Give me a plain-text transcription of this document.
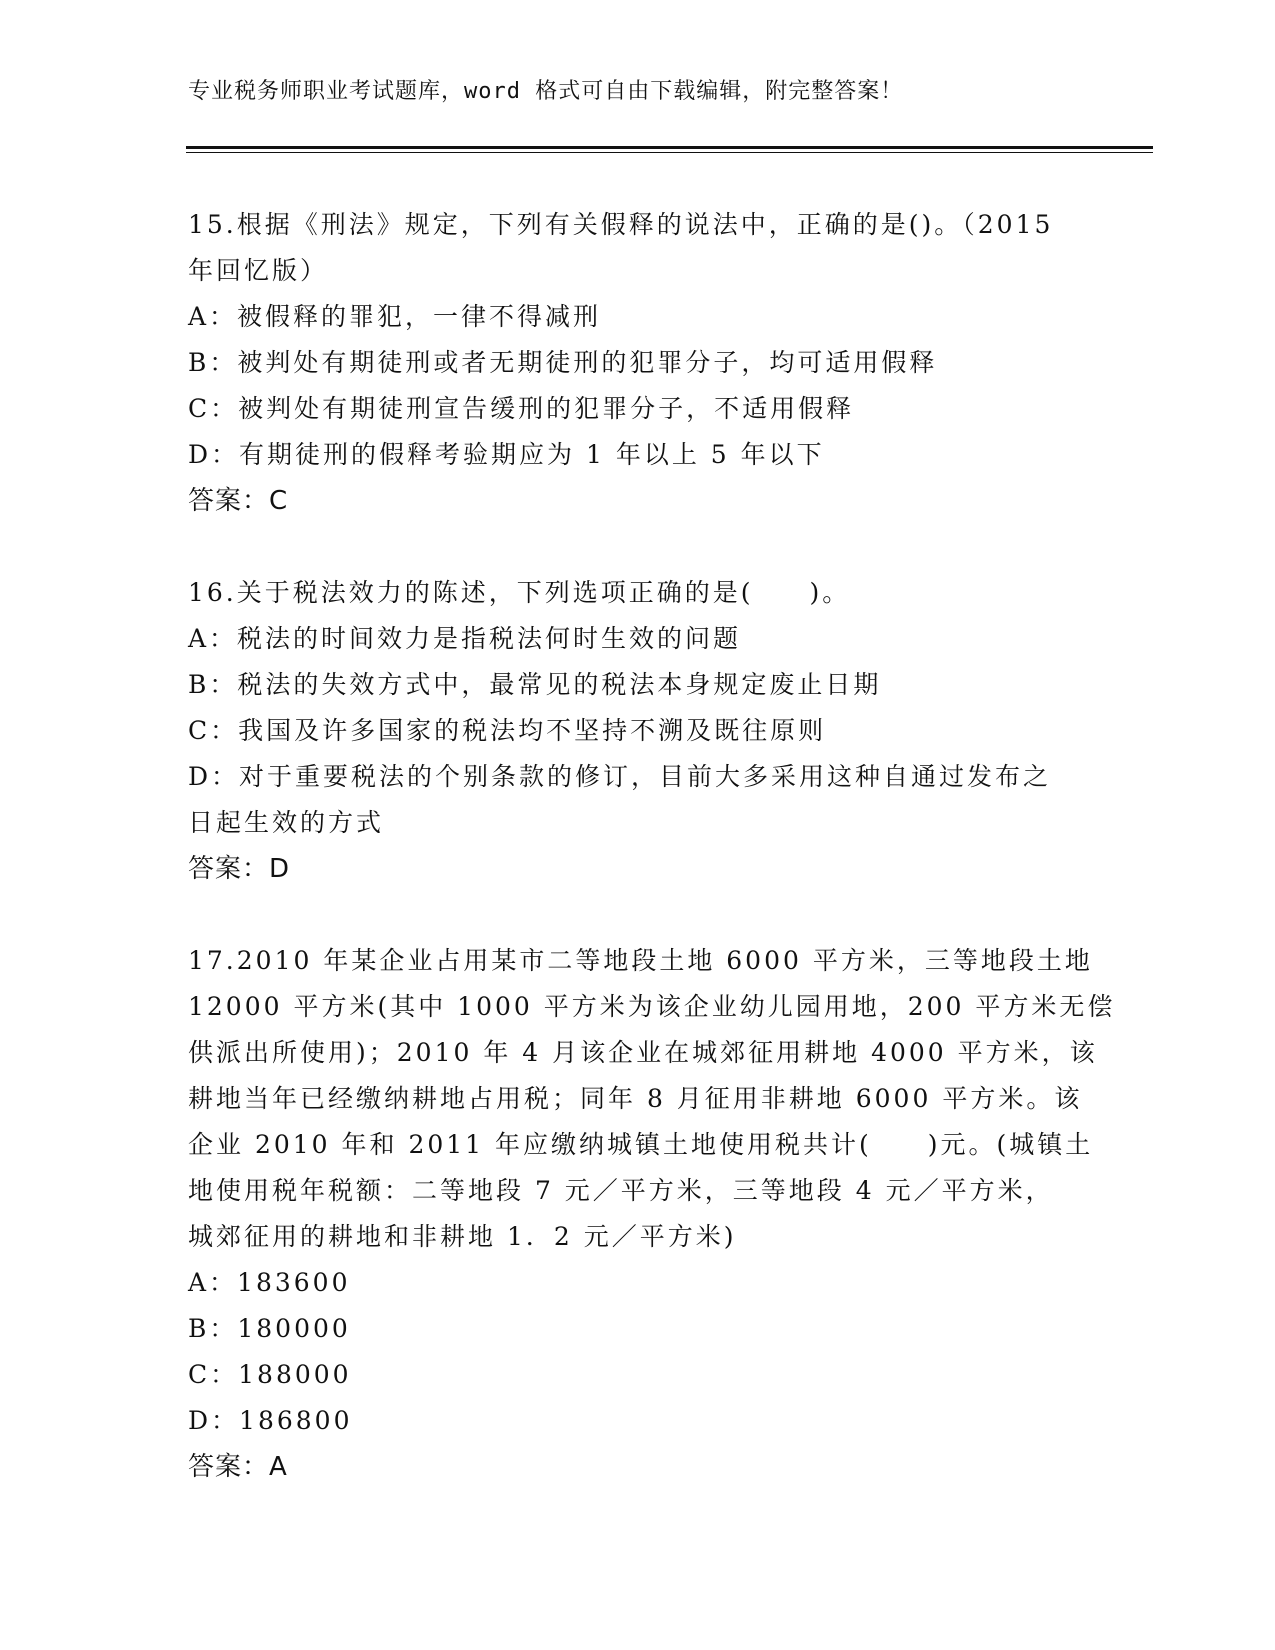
专业税务师职业考试题库，word 格式可自由下载编辑，附完整答案！
15.根据《刑法》规定，下列有关假释的说法中，正确的是()。（2015
年回忆版）
A：被假释的罪犯，一律不得减刑
B：被判处有期徒刑或者无期徒刑的犯罪分子，均可适用假释
C：被判处有期徒刑宣告缓刑的犯罪分子，不适用假释
D：有期徒刑的假释考验期应为 1 年以上 5 年以下
答案：C
16.关于税法效力的陈述，下列选项正确的是(　　)。
A：税法的时间效力是指税法何时生效的问题
B：税法的失效方式中，最常见的税法本身规定废止日期
C：我国及许多国家的税法均不坚持不溯及既往原则
D：对于重要税法的个别条款的修订，目前大多采用这种自通过发布之
日起生效的方式
答案：D
17.2010 年某企业占用某市二等地段土地 6000 平方米，三等地段土地
12000 平方米(其中 1000 平方米为该企业幼儿园用地，200 平方米无偿
供派出所使用)；2010 年 4 月该企业在城郊征用耕地 4000 平方米，该
耕地当年已经缴纳耕地占用税；同年 8 月征用非耕地 6000 平方米。该
企业 2010 年和 2011 年应缴纳城镇土地使用税共计(　　)元。(城镇土
地使用税年税额：二等地段 7 元／平方米，三等地段 4 元／平方米，
城郊征用的耕地和非耕地 1．2 元／平方米)
A：183600
B：180000
C：188000
D：186800
答案：A
